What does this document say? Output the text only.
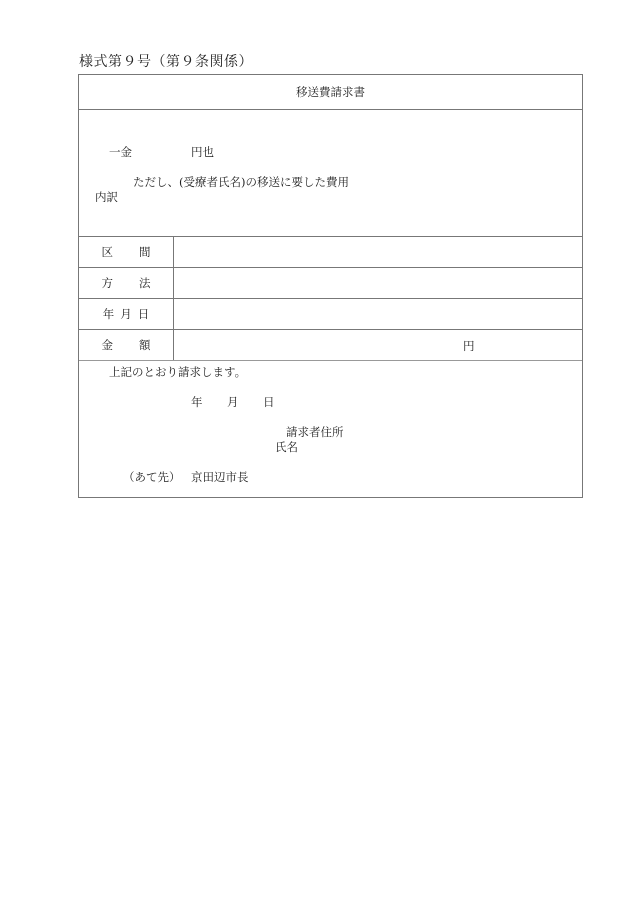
様式第９号（第９条関係）
移送費請求書
一金	円也
ただし、(受療者氏名)の移送に要した費用
内訳
区 間
方 法
年 月 日
金 額	円
上記のとおり請求します。
年 月 日
請求者住所
氏名
（あて先） 京田辺市長
